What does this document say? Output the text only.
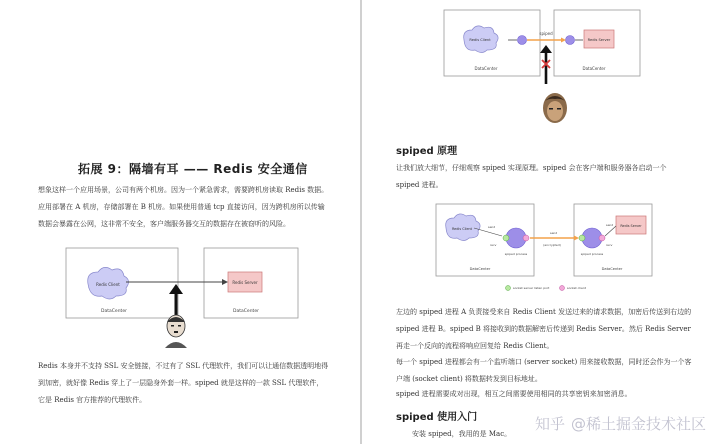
拓展 9：隔墙有耳 —— Redis 安全通信
想象这样一个应用场景，公司有两个机房。因为一个紧急需求，需要跨机房读取 Redis 数据。应用部署在 A 机房，存储部署在 B 机房。如果使用普通 tcp 直接访问，因为跨机房所以传输数据会暴露在公网，这非常不安全，客户端服务器交互的数据存在被窃听的风险。
Redis Client	Redis Server
DataCenter	DataCenter
Redis 本身并不支持 SSL 安全链接，不过有了 SSL 代理软件，我们可以让通信数据透明地得到加密，就好像 Redis 穿上了一层隐身外套一样。spiped 就是这样的一款 SSL 代理软件，它是 Redis 官方推荐的代理软件。
Redis Client
spiped
Redis Server
DataCenter	DataCenter
spiped 原理
让我们放大细节，仔细观察 spiped 实现原理。spiped 会在客户端和服务器各启动一个 spiped 进程。
Redis Client
spiped process	spiped process
Redis Server
send
recv
send
(encrypted)
send
recv
DataCenter	DataCenter
socket server listen port	socket client
左边的 spiped 进程 A 负责接受来自 Redis Client 发送过来的请求数据，加密后传送到右边的 spiped 进程 B。spiped B 将接收到的数据解密后传递到 Redis Server。然后 Redis Server 再走一个反向的流程将响应回复给 Redis Client。
每一个 spiped 进程都会有一个监听端口 (server socket) 用来接收数据，同时还会作为一个客户端 (socket client) 将数据转发到目标地址。
spiped 进程需要成对出现，相互之间需要使用相同的共享密钥来加密消息。
spiped 使用入门
安装 spiped，我用的是 Mac。
知乎 @稀土掘金技术社区
